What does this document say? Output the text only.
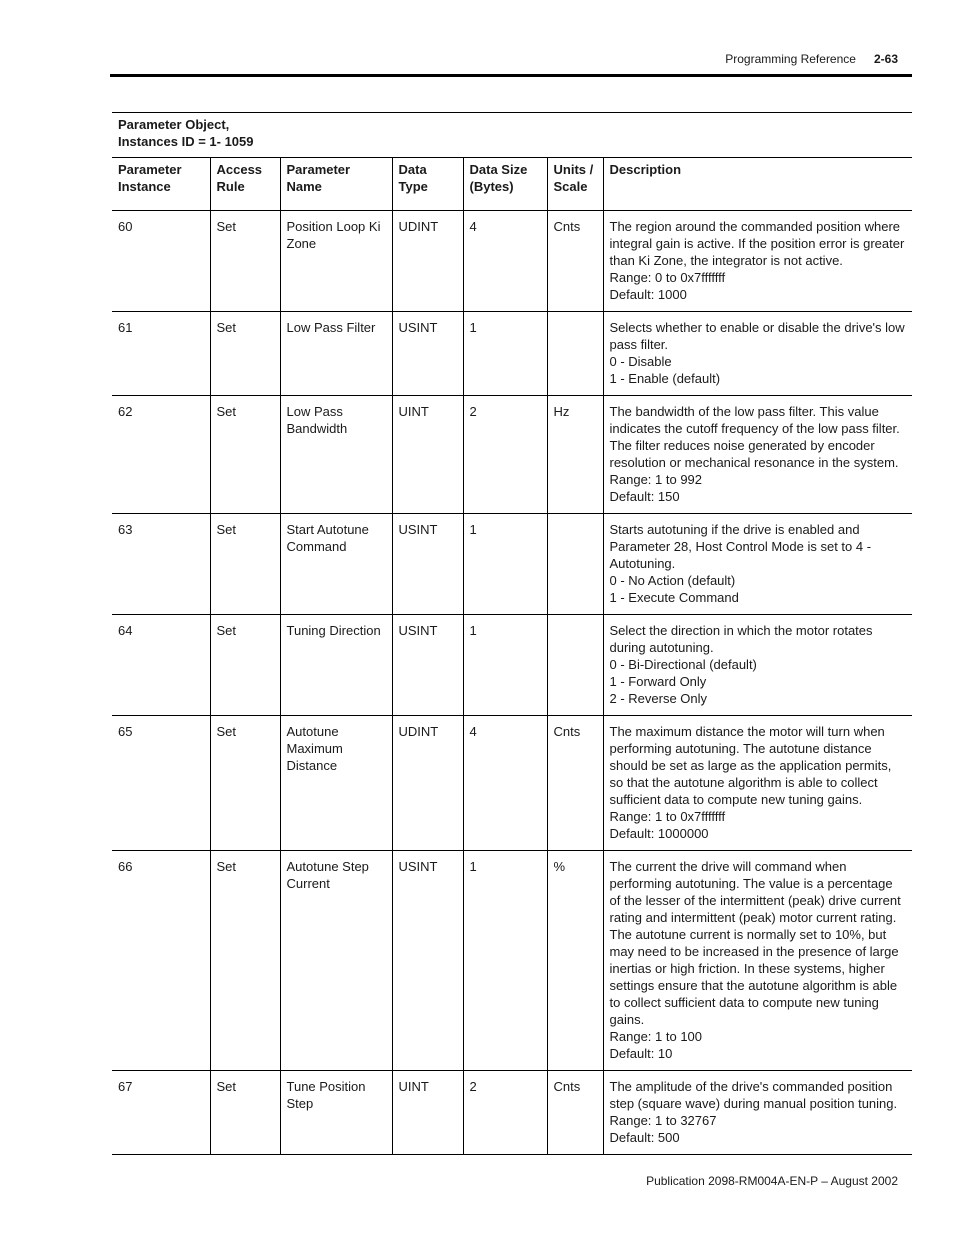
Programming Reference 2-63
Parameter Object,
Instances ID = 1- 1059						

Parameter Instance	Access Rule	Parameter Name	Data Type	Data Size (Bytes)	Units / Scale	Description
60	Set	Position Loop Ki Zone	UDINT	4	Cnts	The region around the commanded position where integral gain is active. If the position error is greater than Ki Zone, the integrator is not active.
Range: 0 to 0x7fffffff
Default: 1000

61	Set	Low Pass Filter	USINT	1		Selects whether to enable or disable the drive's low pass filter.
0 - Disable
1 - Enable (default)

62	Set	Low Pass Bandwidth	UINT	2	Hz	The bandwidth of the low pass filter. This value indicates the cutoff frequency of the low pass filter. The filter reduces noise generated by encoder resolution or mechanical resonance in the system.
Range: 1 to 992
Default: 150

63	Set	Start Autotune Command	USINT	1		Starts autotuning if the drive is enabled and Parameter 28, Host Control Mode is set to 4 - Autotuning.
0 - No Action (default)
1 - Execute Command

64	Set	Tuning Direction	USINT	1		Select the direction in which the motor rotates during autotuning.
0 - Bi-Directional (default)
1 - Forward Only
2 - Reverse Only

65	Set	Autotune Maximum Distance	UDINT	4	Cnts	The maximum distance the motor will turn when performing autotuning. The autotune distance should be set as large as the application permits, so that the autotune algorithm is able to collect sufficient data to compute new tuning gains.
Range: 1 to 0x7fffffff
Default: 1000000

66	Set	Autotune Step Current	USINT	1	%	The current the drive will command when performing autotuning. The value is a percentage of the lesser of the intermittent (peak) drive current rating and intermittent (peak) motor current rating. The autotune current is normally set to 10%, but may need to be increased in the presence of large inertias or high friction. In these systems, higher settings ensure that the autotune algorithm is able to collect sufficient data to compute new tuning gains.
Range: 1 to 100
Default: 10

67	Set	Tune Position Step	UINT	2	Cnts	The amplitude of the drive's commanded position step (square wave) during manual position tuning.
Range: 1 to 32767
Default: 500
Publication 2098-RM004A-EN-P – August 2002
